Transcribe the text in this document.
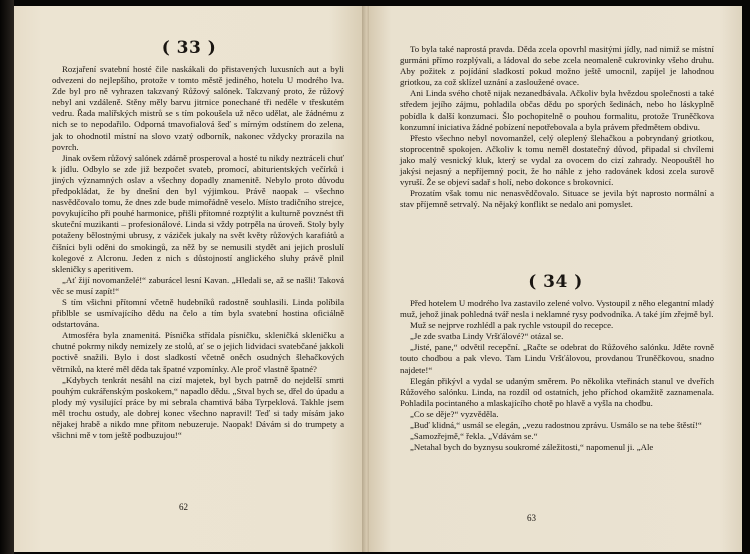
( 33 )

Rozjaření svatební hosté čile naskákali do přistavených luxusních aut a byli odvezeni do nejlepšího, protože v tomto městě jediného, hotelu U modrého lva. Zde byl pro ně vyhrazen takzvaný Růžový salónek. Takzvaný proto, že růžový nebyl ani vzdáleně. Stěny měly barvu jitrnice ponechané tři neděle v třeskutém vedru. Řada malířských mistrů se s tím pokoušela už něco udělat, ale žádnému z nich se to nepodařilo. Odporná tmavofialová šeď s mírným odstínem do zelena, jak to ohodnotil místní na slovo vzatý odborník, nakonec vždycky prorazila na povrch.

Jinak ovšem růžový salónek zdárně prosperoval a hosté tu nikdy neztráceli chuť k jídlu. Odbylo se zde již bezpočet svateb, promocí, abiturientských večírků i jiných významných oslav a všechny dopadly znamenitě. Nebylo proto důvodu předpokládat, že by dnešní den byl výjimkou. Právě naopak – všechno nasvědčovalo tomu, že dnes zde bude mimořádně veselo. Místo tradičního strejce, povykujícího při pouhé harmonice, přišli přítomné rozptýlit a kulturně povznést tři skuteční muzikanti – profesionálové. Linda si vždy potrpěla na úroveň. Stoly byly potaženy bělostnými ubrusy, z váziček jukaly na svět květy růžových karafiátů a číšníci byli oděni do smokingů, za něž by se nemusili stydět ani jejich proslulí kolegové z Alcronu. Jeden z nich s důstojností anglického sluhy právě plnil skleničky s aperitivem.

„Ať žijí novomanželé!“ zaburácel lesní Kavan. „Hledali se, až se našli! Taková věc se musí zapít!“

S tím všichni přítomní včetně hudebníků radostně souhlasili. Linda políbila přiblble se usmívajícího dědu na čelo a tím byla svatební hostina oficiálně odstartována.

Atmosféra byla znamenitá. Písnička střídala písničku, skleničká skleničku a chutné pokrmy nikdy nemizely ze stolů, ať se o jejich lidvidaci svatebčané jakkoli poctivě snažili. Bylo i dost sladkostí včetně oněch osudných šlehačkových větrníků, na které měl děda tak špatné vzpomínky. Ale proč vlastně špatné?

„Kdybych tenkrát nesáhl na cizí majetek, byl bych patrně do nejdelší smrti pouhým cukrářenským poskokem,“ napadlo dědu. „Stval bych se, dřel do úpadu a plody mý vysilující práce by mi sebrala chamtivá bába Tyrpeklová. Takhle jsem měl trochu ostudy, ale dobrej konec všechno napravil! Teď si tady mísám jako nějakej hrabě a nikdo mne přitom nebuzeruje. Naopak! Dávám si do trumpety a všichni mě v tom ještě podbuzujou!“

62

To byla také naprostá pravda. Děda zcela opovrhl masitými jídly, nad nimiž se místní gurmáni přímo rozplývali, a ládoval do sebe zcela neomaleně cukrovinky všeho druhu. Aby požitek z pojídání sladkostí pokud možno ještě umocnil, zapíjel je lahodnou griotkou, za což sklízel uznání a zasloužené ovace.

Ani Linda svého chotě nijak nezanedbávala. Ačkoliv byla hvězdou společnosti a také středem jejího zájmu, pohladila občas dědu po sporých šedinách, nebo ho láskyplně pobídla k další konzumaci. Šlo pochopitelně o pouhou formalitu, protože Truněčkova konzumní iniciativa žádné pobízení nepotřebovala a byla právem předmětem obdivu.

Přesto všechno nebyl novomanžel, celý oleplený šlehačkou a pobryndaný griotkou, stoprocentně spokojen. Ačkoliv k tomu neměl dostatečný důvod, připadal si chvílemi jako malý vesnický kluk, který se vydal za ovocem do cizí zahrady. Neopouštěl ho jakýsi nejasný a nepříjemný pocit, že ho náhle z jeho radovánek kdosi zcela surově vyruší. Že se objeví sadař s holí, nebo dokonce s brokovnicí.

Prozatím však tomu nic nenasvědčovalo. Situace se jevila být naprosto normální a stav příjemně setrvalý. Na nějaký konflikt se nedalo ani pomyslet.

( 34 )

Před hotelem U modrého lva zastavilo zelené volvo. Vystoupil z něho elegantní mladý muž, jehož jinak pohledná tvář nesla i neklamné rysy podvodníka. A také jím zřejmě byl.

Muž se nejprve rozhlédl a pak rychle vstoupil do recepce.

„Je zde svatba Lindy Vršťálové?“ otázal se.

„Jisté, pane,“ odvětil recepční. „Račte se odebrat do Růžového salónku. Jděte rovně touto chodbou a pak vlevo. Tam Lindu Vršťálovou, provdanou Truněčkovou, snadno najdete!“

Elegán přikývl a vydal se udaným směrem. Po několika vteřinách stanul ve dveřích Růžového salónku. Linda, na rozdíl od ostatních, jeho příchod okamžitě zaznamenala. Pohladila pocintaného a mlaskajícího chotě po hlavě a vyšla na chodbu.

„Co se děje?“ vyzvěděla.

„Buď klidná,“ usmál se elegán, „vezu radostnou zprávu. Usmálo se na tebe štěstí!“

„Samozřejmě,“ řekla. „Vdávám se.“

„Netahal bych do byznysu soukromé záležitosti,“ napomenul ji. „Ale

63
